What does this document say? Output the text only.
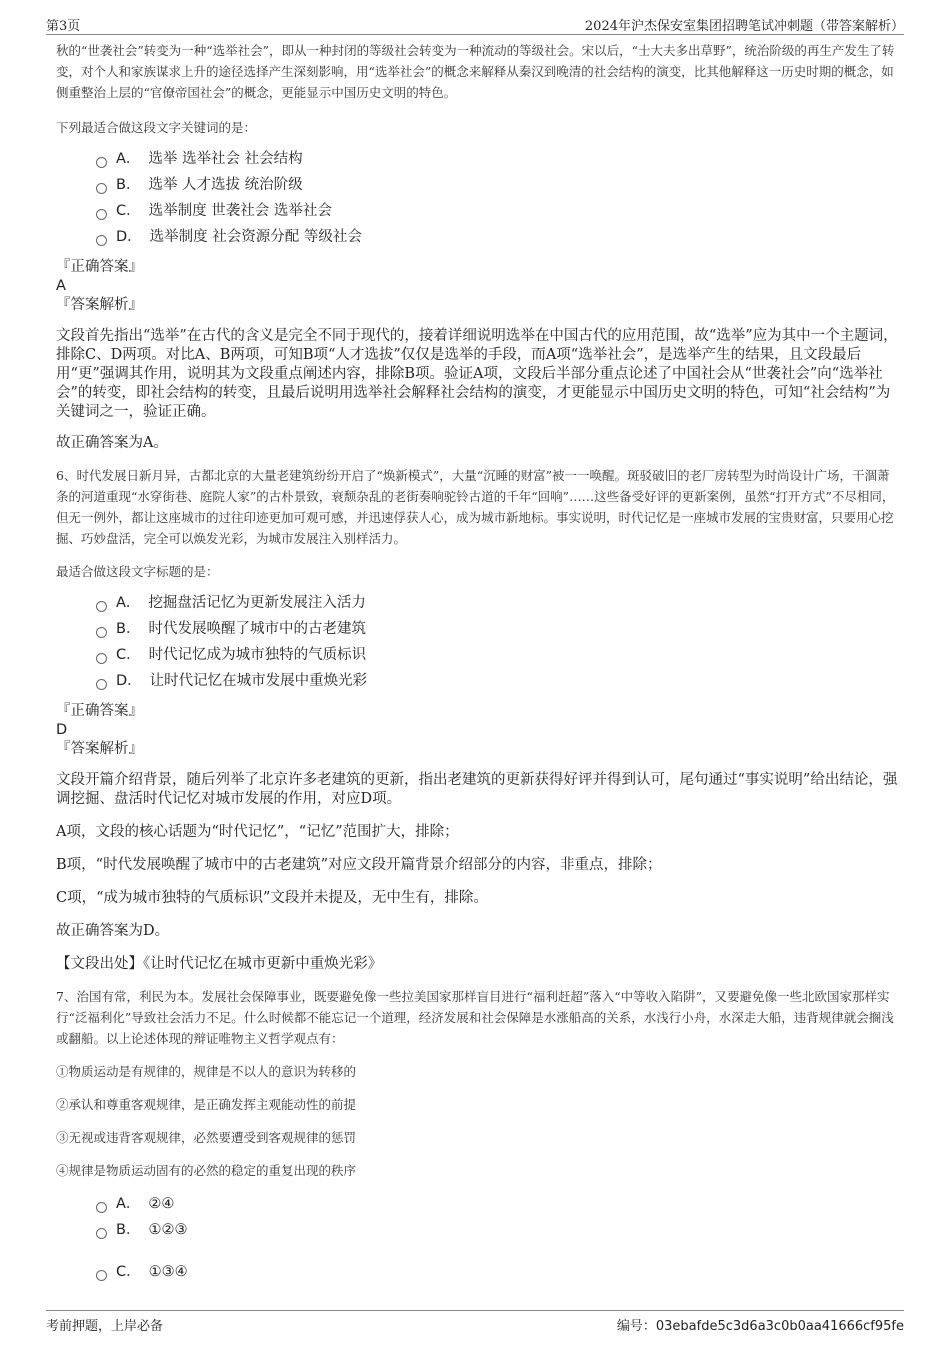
第3页	2024年沪杰保安室集团招聘笔试冲刺题（带答案解析）

秋的“世袭社会”转变为一种“选举社会”，即从一种封闭的等级社会转变为一种流动的等级社会。宋以后，“士大夫多出草野”，统治阶级的再生产发生了转变，对个人和家族谋求上升的途径选择产生深刻影响，用“选举社会”的概念来解释从秦汉到晚清的社会结构的演变，比其他解释这一历史时期的概念，如侧重整治上层的“官僚帝国社会”的概念，更能显示中国历史文明的特色。

下列最适合做这段文字关键词的是：

A． 选举 选举社会 社会结构
B． 选举 人才选拔 统治阶级
C． 选举制度 世袭社会 选举社会
D． 选举制度 社会资源分配 等级社会

『正确答案』

A

『答案解析』

文段首先指出“选举”在古代的含义是完全不同于现代的，接着详细说明选举在中国古代的应用范围，故“选举”应为其中一个主题词，排除C、D两项。对比A、B两项，可知B项“人才选拔”仅仅是选举的手段，而A项“选举社会”，是选举产生的结果，且文段最后用“更”强调其作用，说明其为文段重点阐述内容，排除B项。验证A项，文段后半部分重点论述了中国社会从“世袭社会”向“选举社会”的转变，即社会结构的转变，且最后说明用选举社会解释社会结构的演变，才更能显示中国历史文明的特色，可知“社会结构”为关键词之一，验证正确。

故正确答案为A。

6、时代发展日新月异，古都北京的大量老建筑纷纷开启了“焕新模式”，大量“沉睡的财富”被一一唤醒。斑驳破旧的老厂房转型为时尚设计广场，干涸萧条的河道重现“水穿街巷、庭院人家”的古朴景致，衰颓杂乱的老街奏响驼铃古道的千年“回响”……这些备受好评的更新案例，虽然“打开方式”不尽相同，但无一例外，都让这座城市的过往印迹更加可观可感，并迅速俘获人心，成为城市新地标。事实说明，时代记忆是一座城市发展的宝贵财富，只要用心挖掘、巧妙盘活，完全可以焕发光彩，为城市发展注入别样活力。

最适合做这段文字标题的是：

A． 挖掘盘活记忆为更新发展注入活力
B． 时代发展唤醒了城市中的古老建筑
C． 时代记忆成为城市独特的气质标识
D． 让时代记忆在城市发展中重焕光彩

『正确答案』

D

『答案解析』

文段开篇介绍背景，随后列举了北京许多老建筑的更新，指出老建筑的更新获得好评并得到认可，尾句通过“事实说明”给出结论，强调挖掘、盘活时代记忆对城市发展的作用，对应D项。

A项，文段的核心话题为“时代记忆”，“记忆”范围扩大，排除；

B项，“时代发展唤醒了城市中的古老建筑”对应文段开篇背景介绍部分的内容，非重点，排除；

C项，“成为城市独特的气质标识”文段并未提及，无中生有，排除。

故正确答案为D。

【文段出处】《让时代记忆在城市更新中重焕光彩》

7、治国有常，利民为本。发展社会保障事业，既要避免像一些拉美国家那样盲目进行“福利赶超”落入“中等收入陷阱”，又要避免像一些北欧国家那样实行“泛福利化”导致社会活力不足。什么时候都不能忘记一个道理，经济发展和社会保障是水涨船高的关系，水浅行小舟，水深走大船，违背规律就会搁浅或翻船。以上论述体现的辩证唯物主义哲学观点有：

①物质运动是有规律的，规律是不以人的意识为转移的

②承认和尊重客观规律，是正确发挥主观能动性的前提

③无视或违背客观规律，必然要遭受到客观规律的惩罚

④规律是物质运动固有的必然的稳定的重复出现的秩序

A． ②④
B． ①②③
C． ①③④
考前押题，上岸必备	编号：03ebafde5c3d6a3c0b0aa41666cf95fe
